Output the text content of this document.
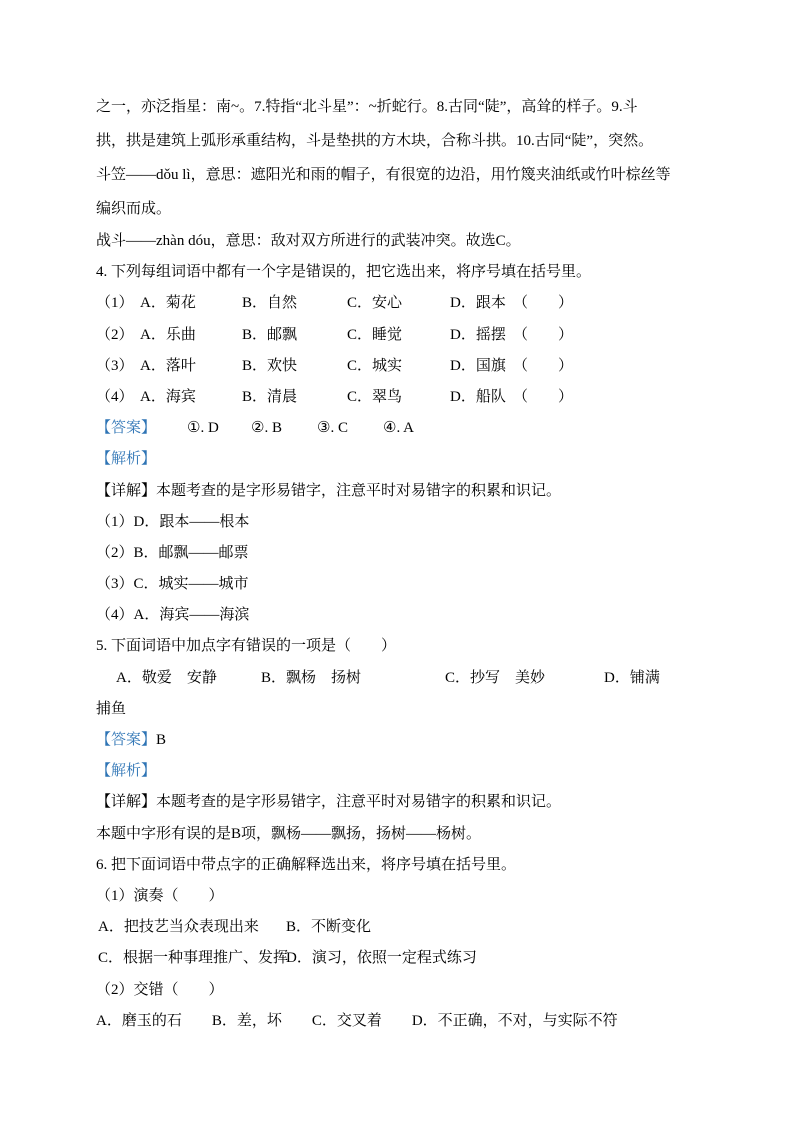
之一，亦泛指星：南~。7.特指“北斗星”：~折蛇行。8.古同“陡”，高耸的样子。9.斗
拱，拱是建筑上弧形承重结构，斗是垫拱的方木块，合称斗拱。10.古同“陡”，突然。
斗笠——dǒu lì，意思：遮阳光和雨的帽子，有很宽的边沿，用竹篾夹油纸或竹叶棕丝等
编织而成。
战斗——zhàn dóu，意思：敌对双方所进行的武装冲突。故选C。
4. 下列每组词语中都有一个字是错误的，把它选出来，将序号填在括号里。
（1） A．菊花	B．自然	C．安心	D．跟本 （　　）
（2） A．乐曲	B．邮飘	C．睡觉	D．摇摆 （　　）
（3） A．落叶	B．欢快	C．城实	D．国旗 （　　）
（4） A．海宾	B．清晨	C．翠鸟	D．船队 （　　）
【答案】 ①. D ②. B ③. C ④. A
【解析】
【详解】本题考查的是字形易错字，注意平时对易错字的积累和识记。
（1）D．跟本——根本
（2）B．邮飘——邮票
（3）C．城实——城市
（4）A．海宾——海滨
5. 下面词语中加点字有错误的一项是（　　）
A．敬爱　安静	B．飘杨　扬树	C．抄写　美妙	D．铺满
捕鱼
【答案】B
【解析】
【详解】本题考查的是字形易错字，注意平时对易错字的积累和识记。
本题中字形有误的是B项，飘杨——飘扬，扬树——杨树。
6. 把下面词语中带点字的正确解释选出来，将序号填在括号里。
（1）演奏（　　）
A．把技艺当众表现出来 B．不断变化
C．根据一种事理推广、发挥
D．演习，依照一定程式练习
（2）交错（　　）
A．磨玉的石　　B．差，坏　　C．交叉着　　D．不正确，不对，与实际不符
